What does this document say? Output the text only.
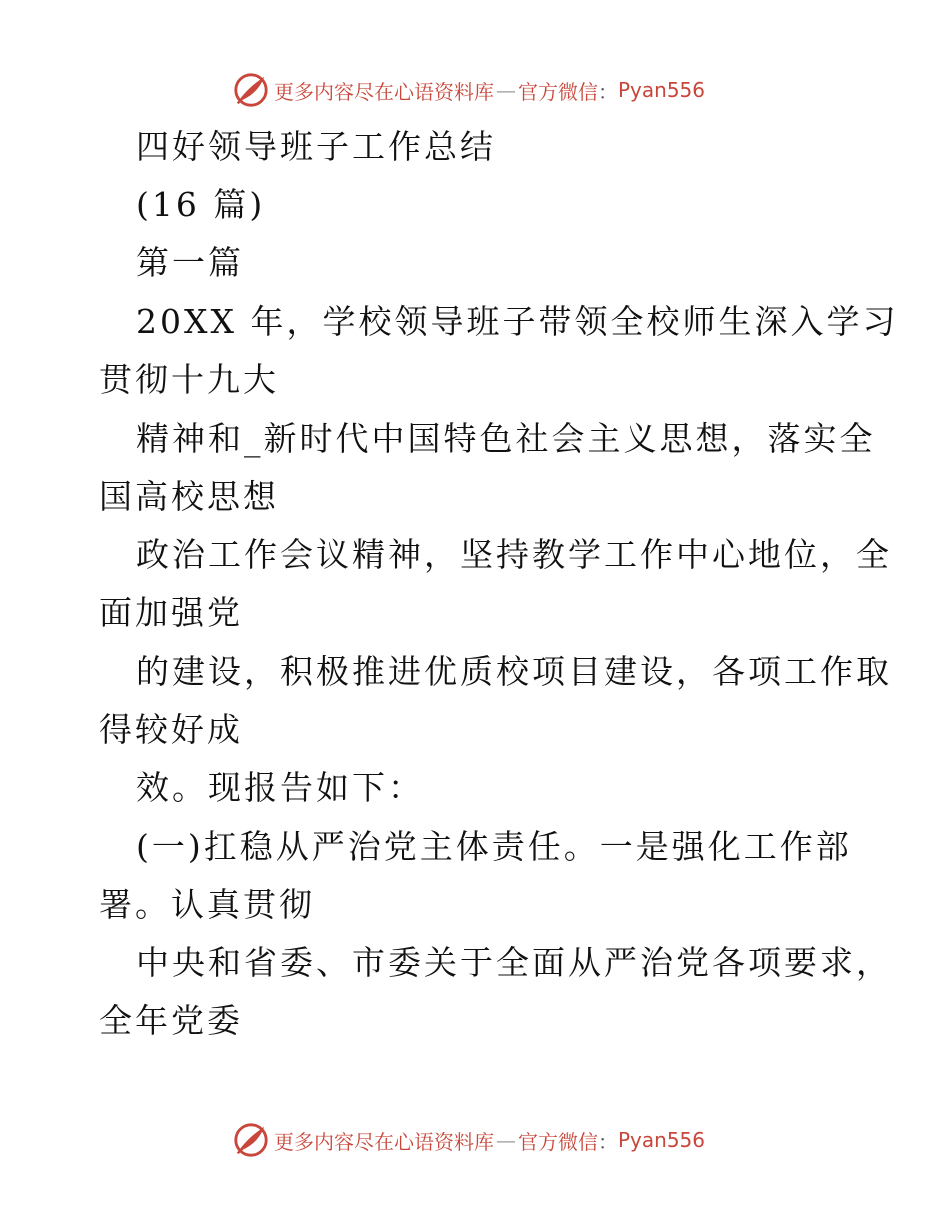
更多内容尽在心语资料库 — 官方微信 ： Pyan556
四好领导班子工作总结
(16 篇)
第一篇
20XX 年，学校领导班子带领全校师生深入学习
贯彻十九大
精神和_新时代中国特色社会主义思想，落实全
国高校思想
政治工作会议精神，坚持教学工作中心地位，全
面加强党
的建设，积极推进优质校项目建设，各项工作取
得较好成
效。现报告如下：
(一)扛稳从严治党主体责任。一是强化工作部
署。认真贯彻
中央和省委、市委关于全面从严治党各项要求，
全年党委
更多内容尽在心语资料库 — 官方微信 ： Pyan556
